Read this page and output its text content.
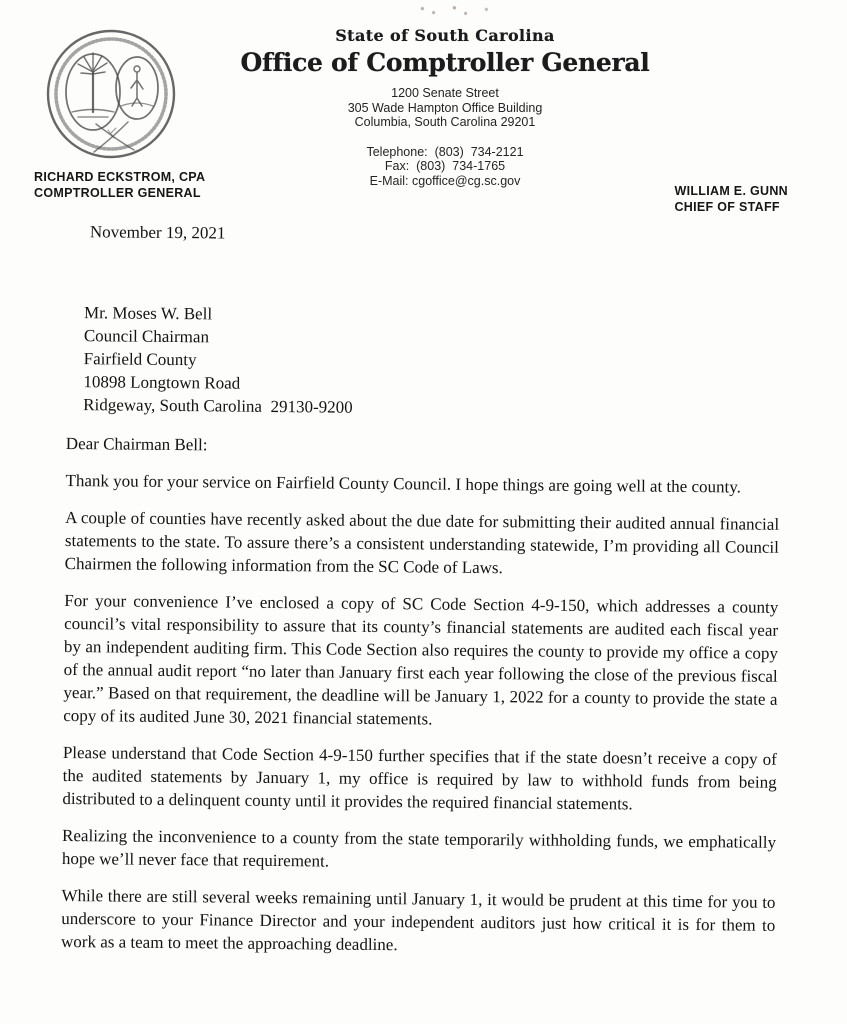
State of South Carolina
Office of Comptroller General
1200 Senate Street
305 Wade Hampton Office Building
Columbia, South Carolina 29201
Telephone:  (803)  734-2121
Fax:  (803)  734-1765
E-Mail: cgoffice@cg.sc.gov
RICHARD ECKSTROM, CPA
COMPTROLLER GENERAL	WILLIAM E. GUNN
CHIEF OF STAFF
November 19, 2021
Mr. Moses W. Bell
Council Chairman
Fairfield County
10898 Longtown Road
Ridgeway, South Carolina  29130-9200
Dear Chairman Bell:

Thank you for your service on Fairfield County Council. I hope things are going well at the county.

A couple of counties have recently asked about the due date for submitting their audited annual financial statements to the state. To assure there’s a consistent understanding statewide, I’m providing all Council Chairmen the following information from the SC Code of Laws.

For your convenience I’ve enclosed a copy of SC Code Section 4-9-150, which addresses a county council’s vital responsibility to assure that its county’s financial statements are audited each fiscal year by an independent auditing firm. This Code Section also requires the county to provide my office a copy of the annual audit report “no later than January first each year following the close of the previous fiscal year.” Based on that requirement, the deadline will be January 1, 2022 for a county to provide the state a copy of its audited June 30, 2021 financial statements.

Please understand that Code Section 4-9-150 further specifies that if the state doesn’t receive a copy of the audited statements by January 1, my office is required by law to withhold funds from being distributed to a delinquent county until it provides the required financial statements.

Realizing the inconvenience to a county from the state temporarily withholding funds, we emphatically hope we’ll never face that requirement.

While there are still several weeks remaining until January 1, it would be prudent at this time for you to underscore to your Finance Director and your independent auditors just how critical it is for them to work as a team to meet the approaching deadline.
